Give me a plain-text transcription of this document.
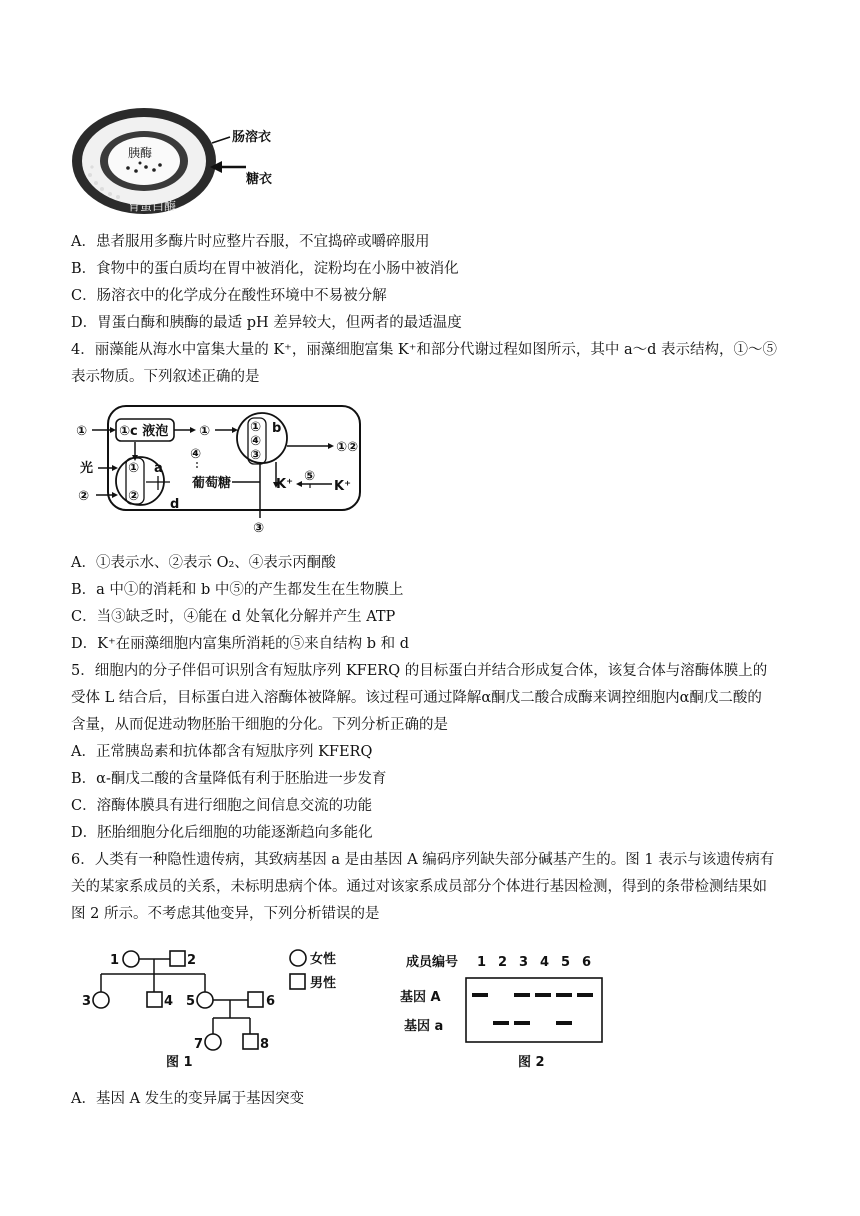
胰酶
胃蛋白酶
肠溶衣
糖衣
A．患者服用多酶片时应整片吞服，不宜捣碎或嚼碎服用
B．食物中的蛋白质均在胃中被消化，淀粉均在小肠中被消化
C．肠溶衣中的化学成分在酸性环境中不易被分解
D．胃蛋白酶和胰酶的最适 pH 差异较大，但两者的最适温度
4．丽藻能从海水中富集大量的 K⁺，丽藻细胞富集 K⁺和部分代谢过程如图所示，其中 a～d 表示结构，①～⑤
表示物质。下列叙述正确的是
①c 液泡
①	①	①
④
③
b
①②
⑤
K⁺	K⁺
①
②
a
光
②
葡萄糖
④
d
③
A．①表示水、②表示 O₂、④表示丙酮酸
B．a 中①的消耗和 b 中⑤的产生都发生在生物膜上
C．当③缺乏时，④能在 d 处氧化分解并产生 ATP
D．K⁺在丽藻细胞内富集所消耗的⑤来自结构 b 和 d
5．细胞内的分子伴侣可识别含有短肽序列 KFERQ 的目标蛋白并结合形成复合体，该复合体与溶酶体膜上的
受体 L 结合后，目标蛋白进入溶酶体被降解。该过程可通过降解α酮戊二酸合成酶来调控细胞内α酮戊二酸的
含量，从而促进动物胚胎干细胞的分化。下列分析正确的是
A．正常胰岛素和抗体都含有短肽序列 KFERQ
B．α-酮戊二酸的含量降低有利于胚胎进一步发育
C．溶酶体膜具有进行细胞之间信息交流的功能
D．胚胎细胞分化后细胞的功能逐渐趋向多能化
6．人类有一种隐性遗传病，其致病基因 a 是由基因 A 编码序列缺失部分碱基产生的。图 1 表示与该遗传病有
关的某家系成员的关系，未标明患病个体。通过对该家系成员部分个体进行基因检测，得到的条带检测结果如
图 2 所示。不考虑其他变异，下列分析错误的是
1	2
3	4 5	6
7	8
图 1
女性
男性
成员编号 1 2 3 4 5 6
基因 A
基因 a
图 2
A．基因 A 发生的变异属于基因突变
